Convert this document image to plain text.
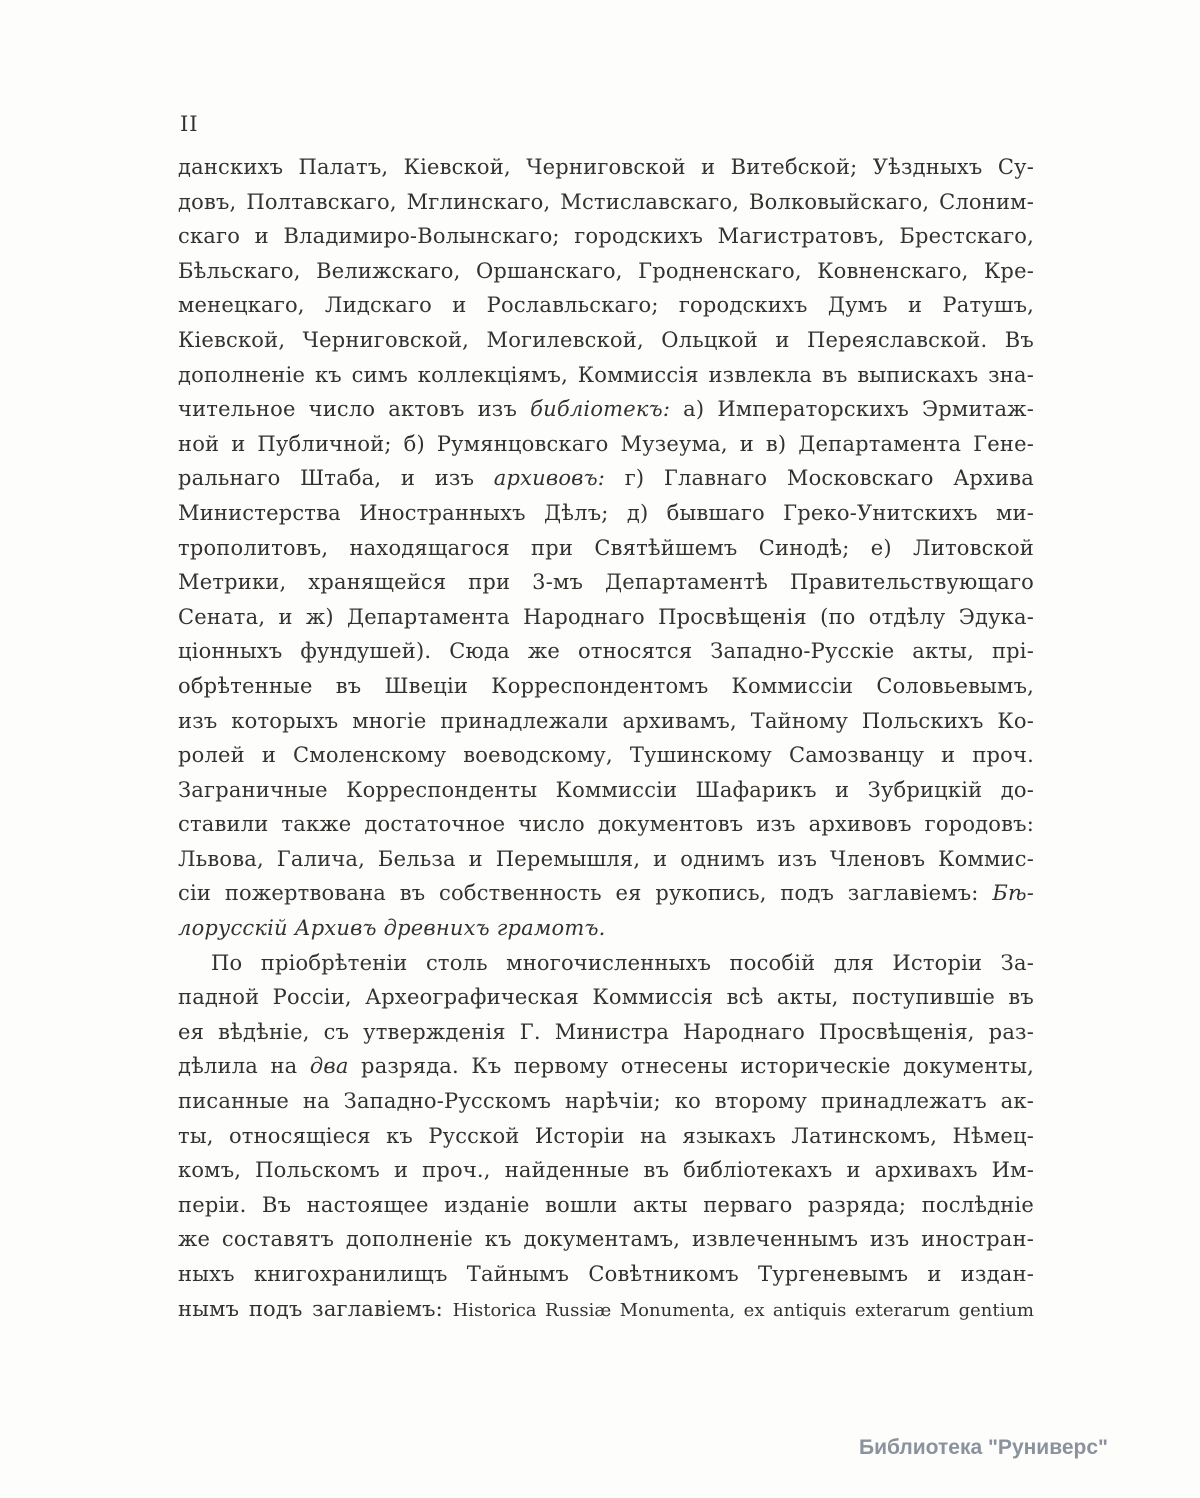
II
данскихъ Палатъ, Кіевской, Черниговской и Витебской; Уѣздныхъ Су-
довъ, Полтавскаго, Мглинскаго, Мстиславскаго, Волковыйскаго, Слоним-
скаго и Владимиро-Волынскаго; городскихъ Магистратовъ, Брестскаго,
Бѣльскаго, Велижскаго, Оршанскаго, Гродненскаго, Ковненскаго, Кре-
менецкаго, Лидскаго и Рославльскаго; городскихъ Думъ и Ратушъ,
Кіевской, Черниговской, Могилевской, Ольцкой и Переяславской. Въ
дополненіе къ симъ коллекціямъ, Коммиссія извлекла въ выпискахъ зна-
чительное число актовъ изъ библіотекъ: а) Императорскихъ Эрмитаж-
ной и Публичной; б) Румянцовскаго Музеума, и в) Департамента Гене-
ральнаго Штаба, и изъ архивовъ: г) Главнаго Московскаго Архива
Министерства Иностранныхъ Дѣлъ; д) бывшаго Греко-Унитскихъ ми-
трополитовъ, находящагося при Святѣйшемъ Синодѣ; е) Литовской
Метрики, хранящейся при 3-мъ Департаментѣ Правительствующаго
Сената, и ж) Департамента Народнаго Просвѣщенія (по отдѣлу Эдука-
ціонныхъ фундушей). Сюда же относятся Западно-Русскіе акты, прі-
обрѣтенные въ Швеціи Корреспондентомъ Коммиссіи Соловьевымъ,
изъ которыхъ многіе принадлежали архивамъ, Тайному Польскихъ Ко-
ролей и Смоленскому воеводскому, Тушинскому Самозванцу и проч.
Заграничные Корреспонденты Коммиссіи Шафарикъ и Зубрицкій до-
ставили также достаточное число документовъ изъ архивовъ городовъ:
Львова, Галича, Бельза и Перемышля, и однимъ изъ Членовъ Коммис-
сіи пожертвована въ собственность ея рукопись, подъ заглавіемъ: Бѣ-
лорусскій Архивъ древнихъ грамотъ.
По пріобрѣтеніи столь многочисленныхъ пособій для Исторіи За-
падной Россіи, Археографическая Коммиссія всѣ акты, поступившіе въ
ея вѣдѣніе, съ утвержденія Г. Министра Народнаго Просвѣщенія, раз-
дѣлила на два разряда. Къ первому отнесены историческіе документы,
писанные на Западно-Русскомъ нарѣчіи; ко второму принадлежатъ ак-
ты, относящіеся къ Русской Исторіи на языкахъ Латинскомъ, Нѣмец-
комъ, Польскомъ и проч., найденные въ библіотекахъ и архивахъ Им-
періи. Въ настоящее изданіе вошли акты перваго разряда; послѣдніе
же составятъ дополненіе къ документамъ, извлеченнымъ изъ иностран-
ныхъ книгохранилищъ Тайнымъ Совѣтникомъ Тургеневымъ и издан-
нымъ подъ заглавіемъ: Historica Russiæ Monumenta, ex antiquis exterarum gentium
Библиотека "Руниверс"
